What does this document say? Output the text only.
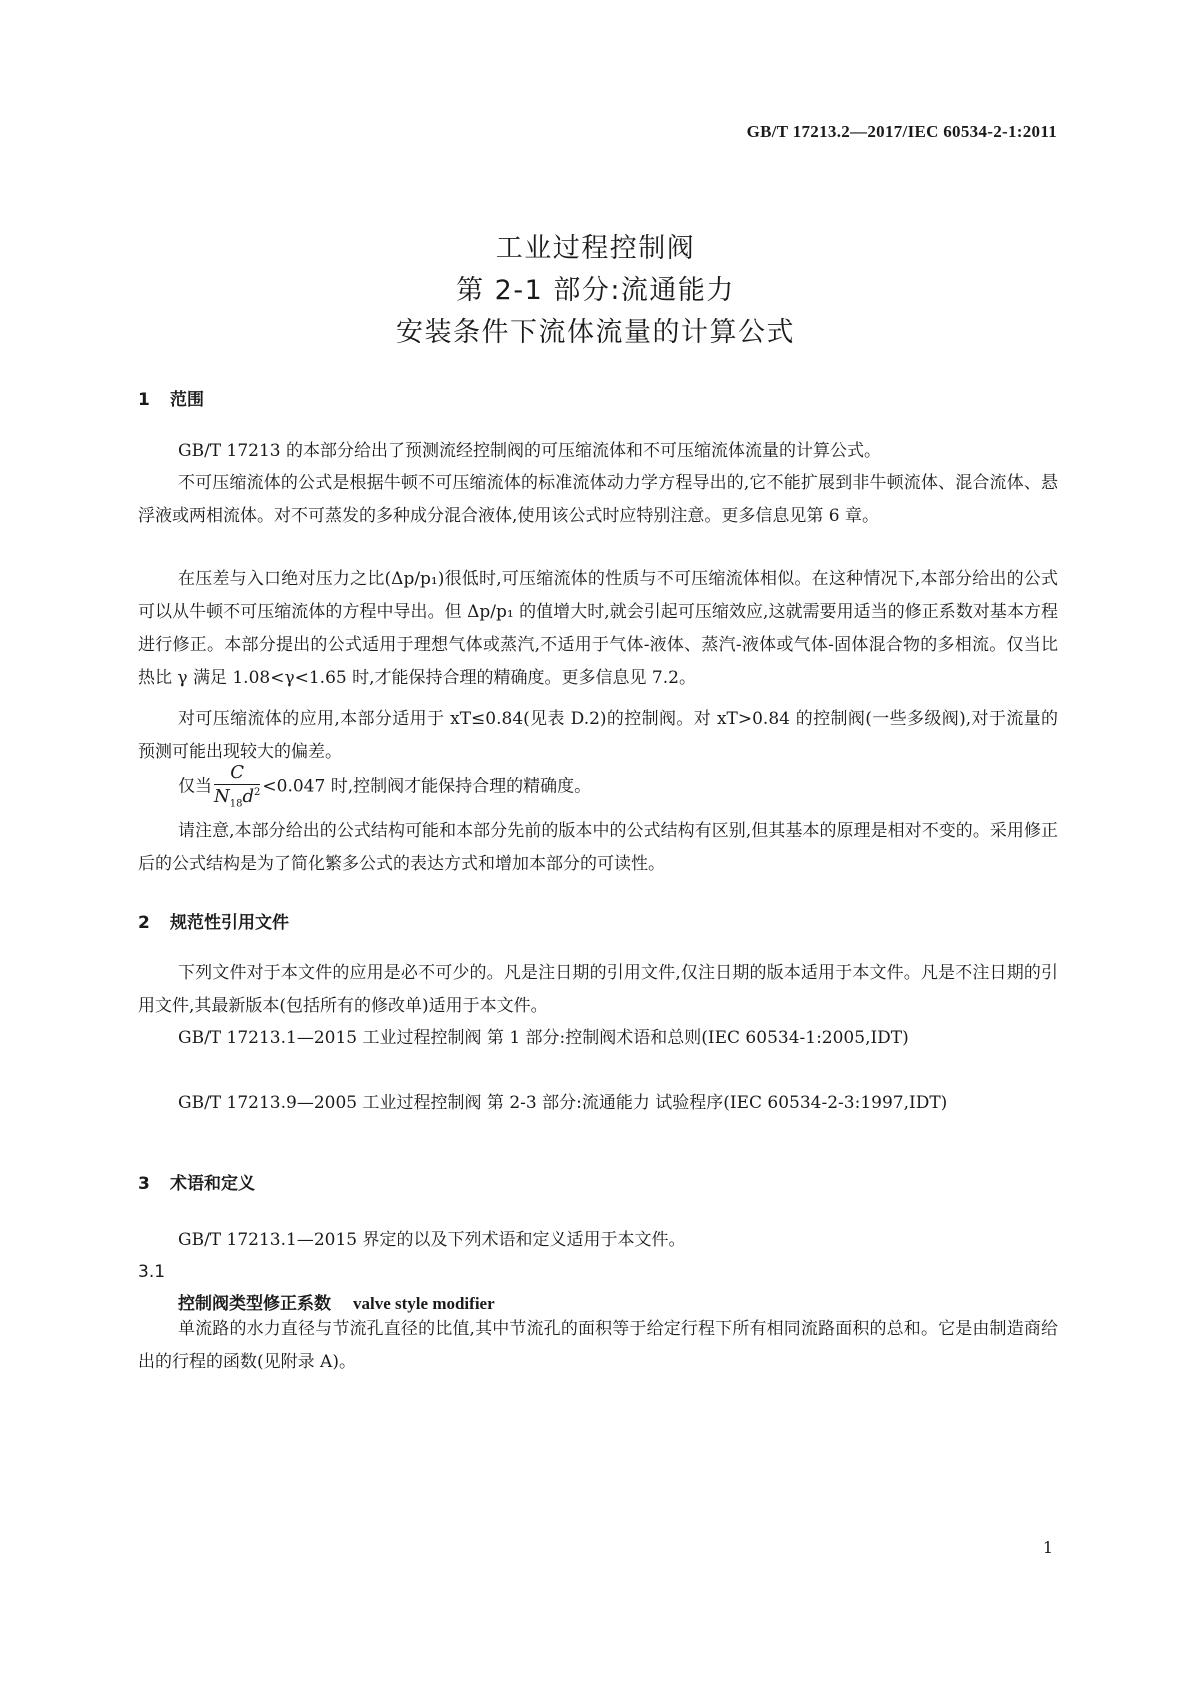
GB/T 17213.2—2017/IEC 60534-2-1:2011
工业过程控制阀
第 2-1 部分:流通能力
安装条件下流体流量的计算公式
1 范围
GB/T 17213 的本部分给出了预测流经控制阀的可压缩流体和不可压缩流体流量的计算公式。
不可压缩流体的公式是根据牛顿不可压缩流体的标准流体动力学方程导出的,它不能扩展到非牛顿流体、混合流体、悬浮液或两相流体。对不可蒸发的多种成分混合液体,使用该公式时应特别注意。更多信息见第 6 章。
在压差与入口绝对压力之比(Δp/p₁)很低时,可压缩流体的性质与不可压缩流体相似。在这种情况下,本部分给出的公式可以从牛顿不可压缩流体的方程中导出。但 Δp/p₁ 的值增大时,就会引起可压缩效应,这就需要用适当的修正系数对基本方程进行修正。本部分提出的公式适用于理想气体或蒸汽,不适用于气体-液体、蒸汽-液体或气体-固体混合物的多相流。仅当比热比 γ 满足 1.08<γ<1.65 时,才能保持合理的精确度。更多信息见 7.2。
对可压缩流体的应用,本部分适用于 xT≤0.84(见表 D.2)的控制阀。对 xT>0.84 的控制阀(一些多级阀),对于流量的预测可能出现较大的偏差。
仅当 $\frac{C}{N_{18}d^2} <0.047$ 时,控制阀才能保持合理的精确度。
请注意,本部分给出的公式结构可能和本部分先前的版本中的公式结构有区别,但其基本的原理是相对不变的。采用修正后的公式结构是为了简化繁多公式的表达方式和增加本部分的可读性。
2 规范性引用文件
下列文件对于本文件的应用是必不可少的。凡是注日期的引用文件,仅注日期的版本适用于本文件。凡是不注日期的引用文件,其最新版本(包括所有的修改单)适用于本文件。
GB/T 17213.1—2015 工业过程控制阀 第 1 部分:控制阀术语和总则(IEC 60534-1:2005,IDT)
GB/T 17213.9—2005 工业过程控制阀 第 2-3 部分:流通能力 试验程序(IEC 60534-2-3:1997,IDT)
3 术语和定义
GB/T 17213.1—2015 界定的以及下列术语和定义适用于本文件。
3.1
控制阀类型修正系数 valve style modifier
单流路的水力直径与节流孔直径的比值,其中节流孔的面积等于给定行程下所有相同流路面积的总和。它是由制造商给出的行程的函数(见附录 A)。
1
